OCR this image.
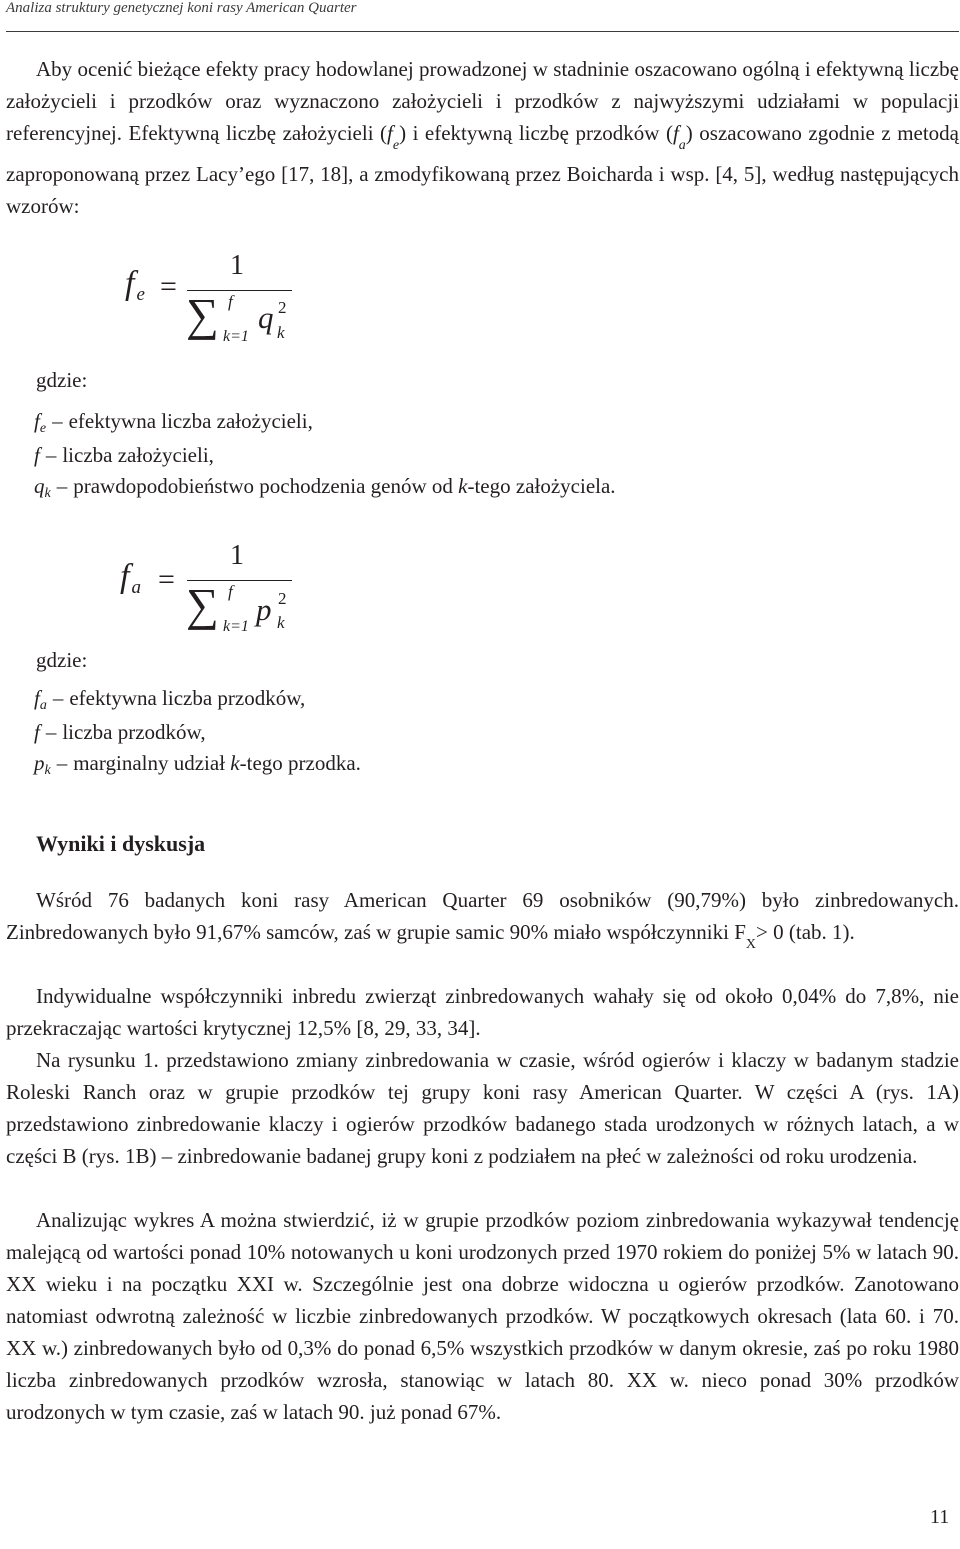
Analiza struktury genetycznej koni rasy American Quarter

Aby ocenić bieżące efekty pracy hodowlanej prowadzonej w stadninie oszacowano ogólną i efektywną liczbę założycieli i przodków oraz wyznaczono założycieli i przodków z najwyższymi udziałami w populacji referencyjnej. Efektywną liczbę założycieli $(f_e)$ i efektywną liczbę przodków $(f_a)$ oszacowano zgodnie z metodą zaproponowaną przez Lacy’ego [17, 18], a zmodyfikowaną przez Boicharda i wsp. [4, 5], według następujących wzorów:

f $_e$ =
1
∑ f
k=1
q 2
k
gdzie:
$f_e$ – efektywna liczba założycieli,
f – liczba założycieli,
$q_k$ – prawdopodobieństwo pochodzenia genów od k-tego założyciela.
f $_a$ =
1
∑ f
k=1 p 2
k
gdzie:
$f_a$ – efektywna liczba przodków,
f – liczba przodków,
$p_k$ – marginalny udział k-tego przodka.
Wyniki i dyskusja

Wśród 76 badanych koni rasy American Quarter 69 osobników (90,79%) było zinbredowanych. Zinbredowanych było 91,67% samców, zaś w grupie samic 90% miało współczynniki $F_X> 0$ (tab. 1).

Indywidualne współczynniki inbredu zwierząt zinbredowanych wahały się od około 0,04% do 7,8%, nie przekraczając wartości krytycznej 12,5% [8, 29, 33, 34].

Na rysunku 1. przedstawiono zmiany zinbredowania w czasie, wśród ogierów i klaczy w badanym stadzie Roleski Ranch oraz w grupie przodków tej grupy koni rasy American Quarter. W części A (rys. 1A) przedstawiono zinbredowanie klaczy i ogierów przodków badanego stada urodzonych w różnych latach, a w części B (rys. 1B) – zinbredowanie badanej grupy koni z podziałem na płeć w zależności od roku urodzenia.

Analizując wykres A można stwierdzić, iż w grupie przodków poziom zinbredowania wykazywał tendencję malejącą od wartości ponad 10% notowanych u koni urodzonych przed 1970 rokiem do poniżej 5% w latach 90. XX wieku i na początku XXI w. Szczególnie jest ona dobrze widoczna u ogierów przodków. Zanotowano natomiast odwrotną zależność w liczbie zinbredowanych przodków. W początkowych okresach (lata 60. i 70. XX w.) zinbredowanych było od 0,3% do ponad 6,5% wszystkich przodków w danym okresie, zaś po roku 1980 liczba zinbredowanych przodków wzrosła, stanowiąc w latach 80. XX w. nieco ponad 30% przodków urodzonych w tym czasie, zaś w latach 90. już ponad 67%.

11
